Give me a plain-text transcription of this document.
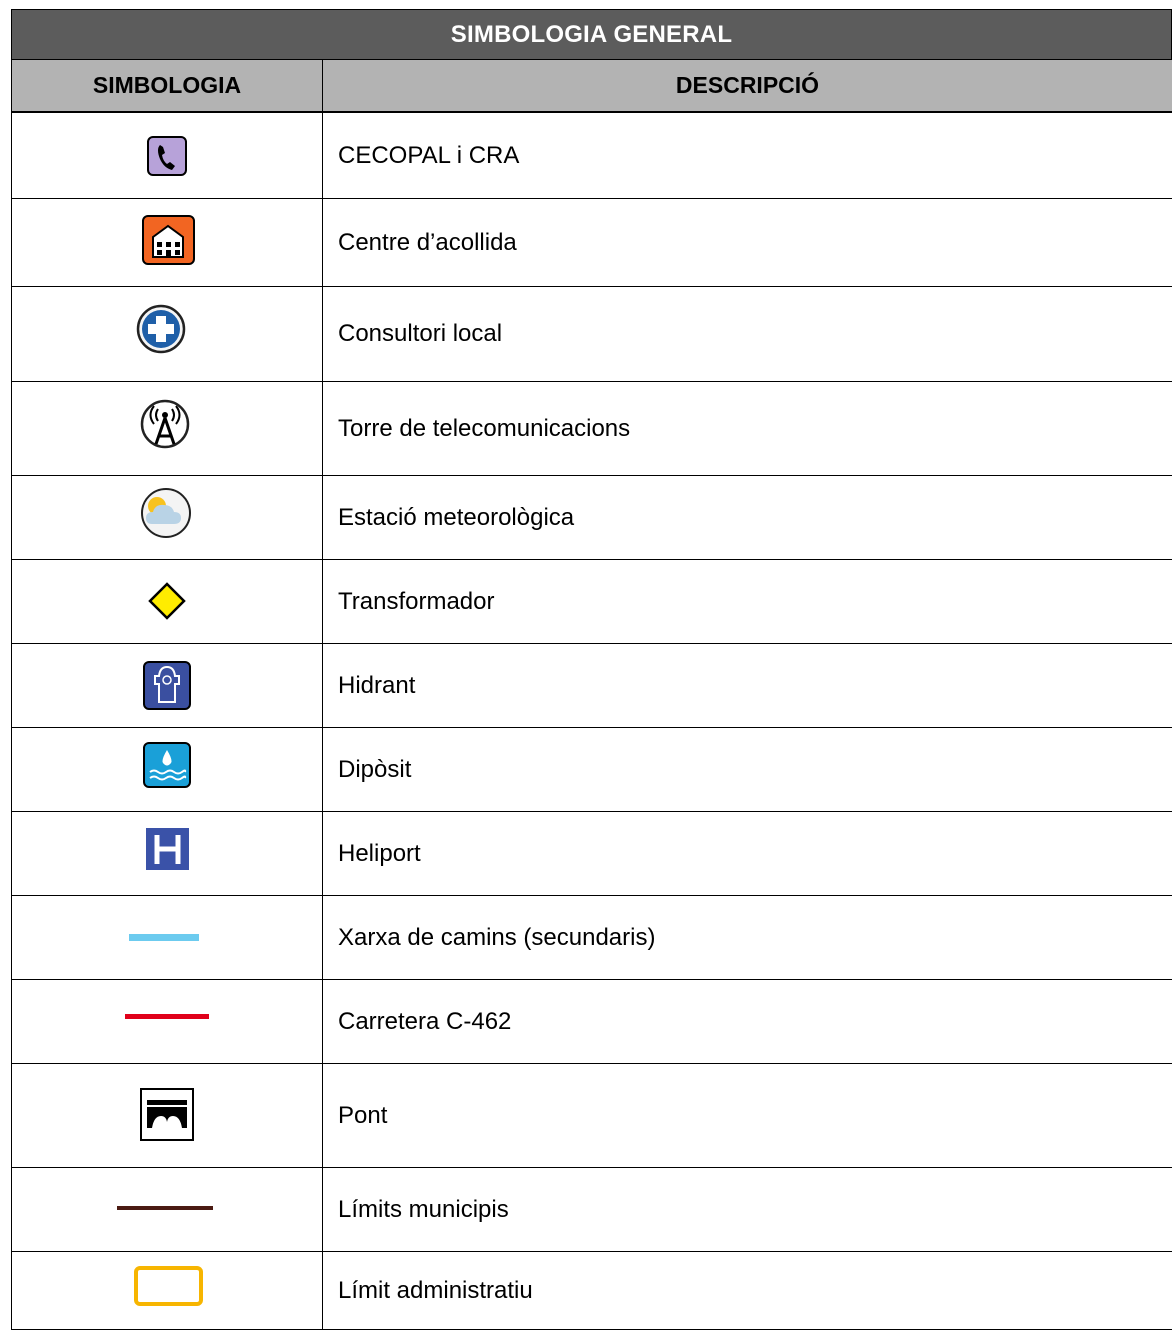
SIMBOLOGIA GENERAL
SIMBOLOGIA	DESCRIPCIÓ
CECOPAL i CRA
Centre d’acollida
Consultori local
Torre de telecomunicacions
Estació meteorològica
Transformador
Hidrant
Dipòsit
Heliport
Xarxa de camins (secundaris)
Carretera C-462
Pont
Límits municipis
Límit administratiu
